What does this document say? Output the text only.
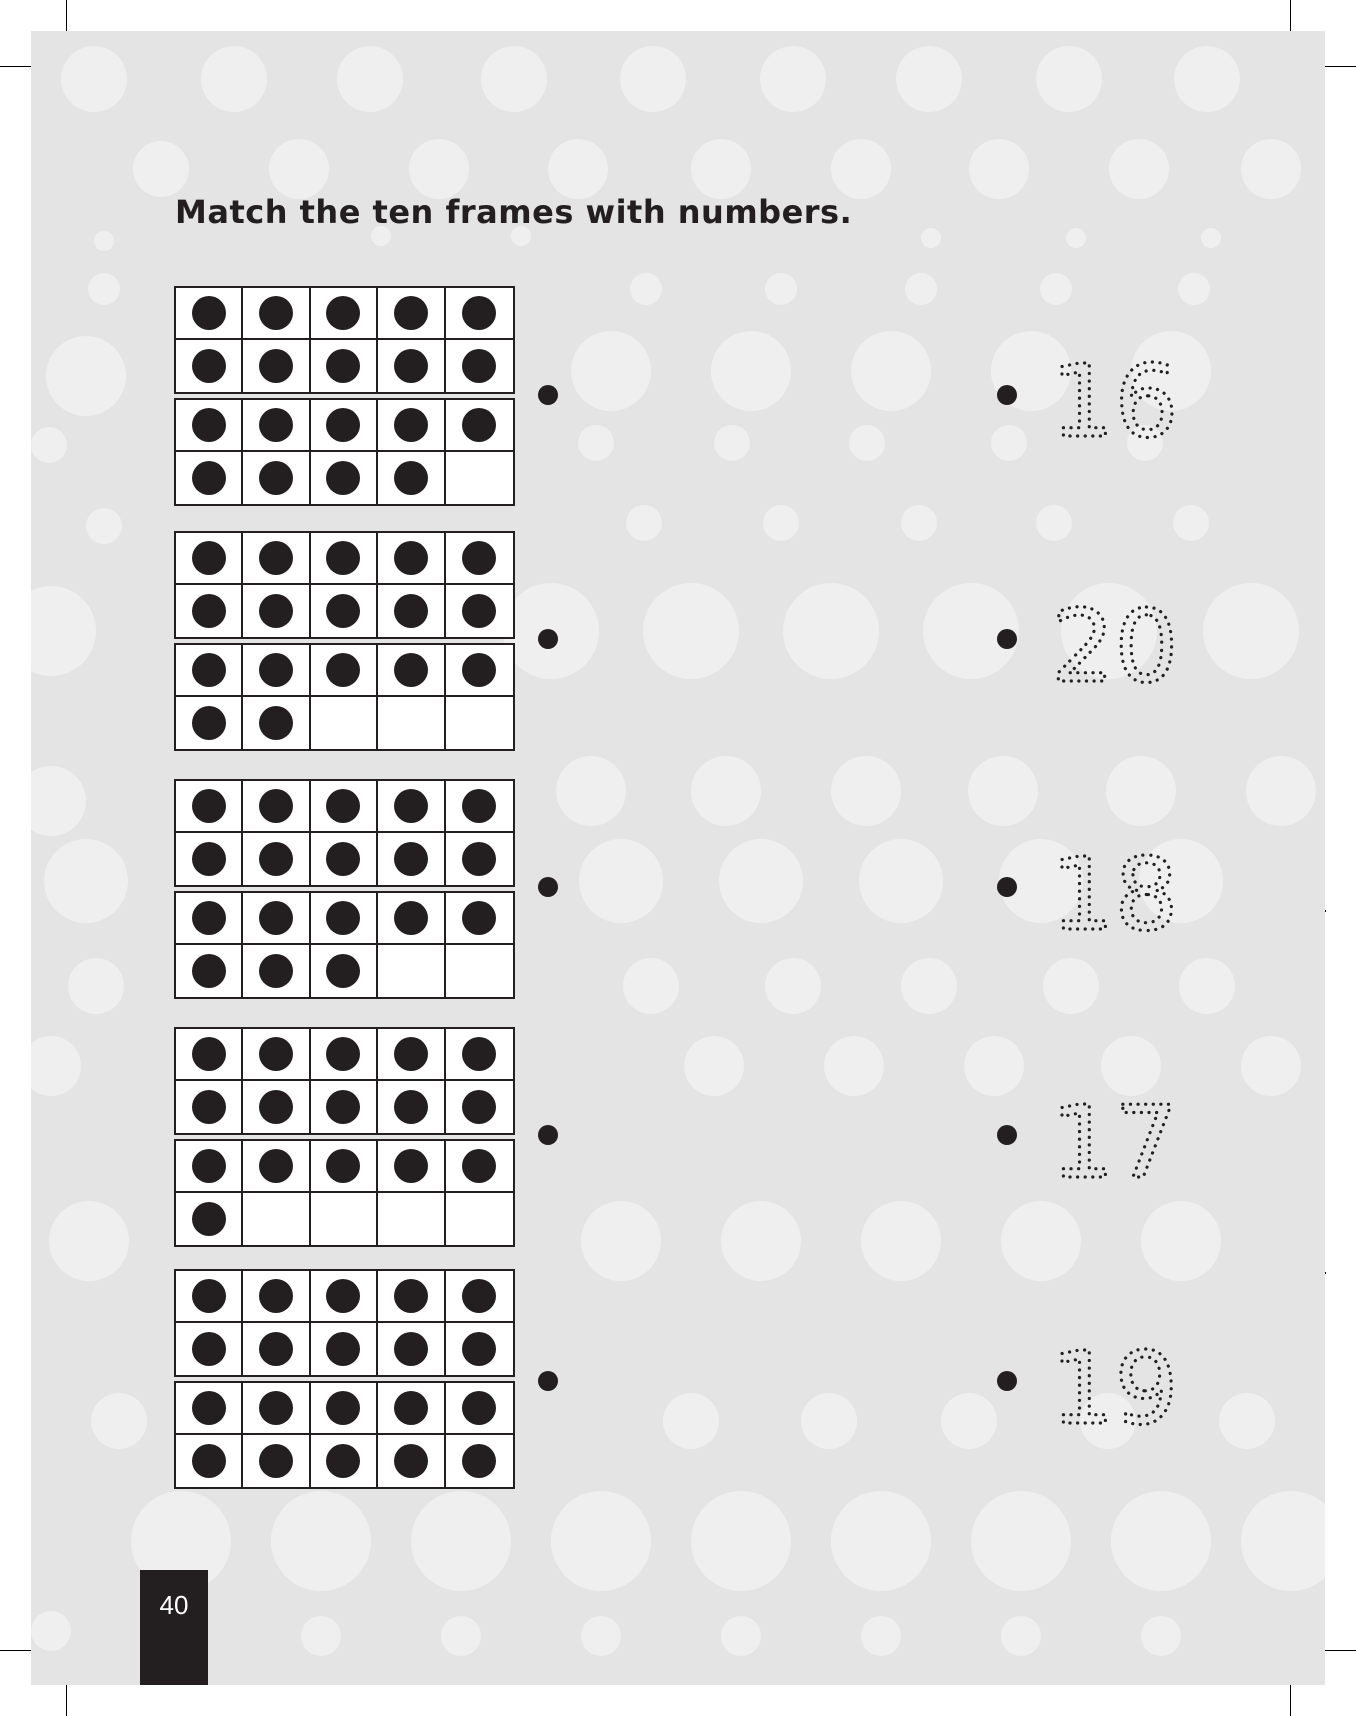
Match the ten frames with numbers.
16
20
18
17
19
40
